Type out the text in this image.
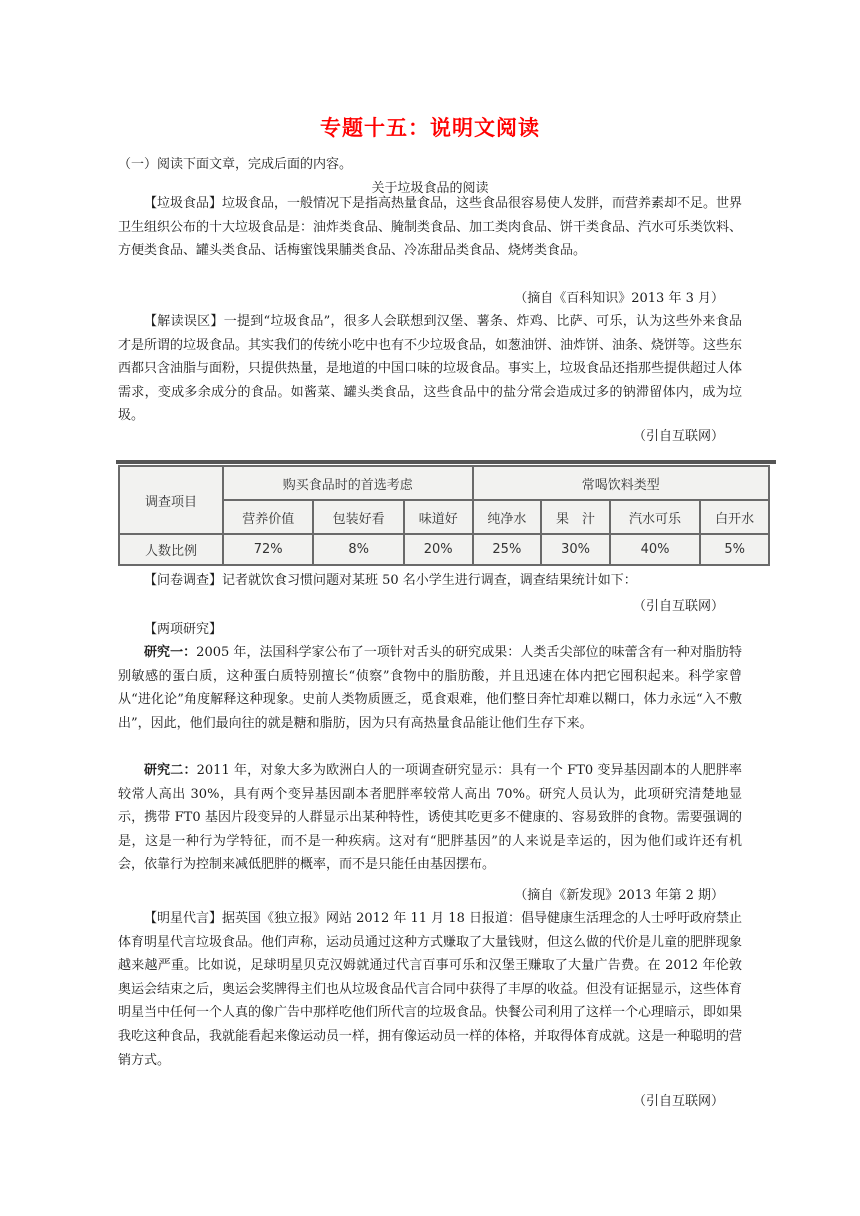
专题十五：说明文阅读
（一）阅读下面文章，完成后面的内容。
关于垃圾食品的阅读
【垃圾食品】垃圾食品，一般情况下是指高热量食品，这些食品很容易使人发胖，而营养素却不足。世界卫生组织公布的十大垃圾食品是：油炸类食品、腌制类食品、加工类肉食品、饼干类食品、汽水可乐类饮料、方便类食品、罐头类食品、话梅蜜饯果脯类食品、冷冻甜品类食品、烧烤类食品。
（摘自《百科知识》2013 年 3 月）
【解读误区】一提到“垃圾食品”，很多人会联想到汉堡、薯条、炸鸡、比萨、可乐，认为这些外来食品才是所谓的垃圾食品。其实我们的传统小吃中也有不少垃圾食品，如葱油饼、油炸饼、油条、烧饼等。这些东西都只含油脂与面粉，只提供热量，是地道的中国口味的垃圾食品。事实上，垃圾食品还指那些提供超过人体需求，变成多余成分的食品。如酱菜、罐头类食品，这些食品中的盐分常会造成过多的钠滞留体内，成为垃圾。
（引自互联网）
调查项目	购买食品时的首选考虑			常喝饮料类型			
	营养价值	包装好看	味道好	纯净水	果　汁	汽水可乐	白开水
人数比例	72%	8%	20%	25%	30%	40%	5%
【问卷调查】记者就饮食习惯问题对某班 50 名小学生进行调查，调查结果统计如下：
（引自互联网）
【两项研究】
研究一：2005 年，法国科学家公布了一项针对舌头的研究成果：人类舌尖部位的味蕾含有一种对脂肪特别敏感的蛋白质，这种蛋白质特别擅长“侦察”食物中的脂肪酸，并且迅速在体内把它囤积起来。科学家曾从“进化论”角度解释这种现象。史前人类物质匮乏，觅食艰难，他们整日奔忙却难以糊口，体力永远“入不敷出”，因此，他们最向往的就是糖和脂肪，因为只有高热量食品能让他们生存下来。
研究二：2011 年，对象大多为欧洲白人的一项调查研究显示：具有一个 FT0 变异基因副本的人肥胖率较常人高出 30%，具有两个变异基因副本者肥胖率较常人高出 70%。研究人员认为，此项研究清楚地显示，携带 FT0 基因片段变异的人群显示出某种特性，诱使其吃更多不健康的、容易致胖的食物。需要强调的是，这是一种行为学特征，而不是一种疾病。这对有“肥胖基因”的人来说是幸运的，因为他们或许还有机会，依靠行为控制来减低肥胖的概率，而不是只能任由基因摆布。
（摘自《新发现》2013 年第 2 期）
【明星代言】据英国《独立报》网站 2012 年 11 月 18 日报道：倡导健康生活理念的人士呼吁政府禁止体育明星代言垃圾食品。他们声称，运动员通过这种方式赚取了大量钱财，但这么做的代价是儿童的肥胖现象越来越严重。比如说，足球明星贝克汉姆就通过代言百事可乐和汉堡王赚取了大量广告费。在 2012 年伦敦奥运会结束之后，奥运会奖牌得主们也从垃圾食品代言合同中获得了丰厚的收益。但没有证据显示，这些体育明星当中任何一个人真的像广告中那样吃他们所代言的垃圾食品。快餐公司利用了这样一个心理暗示，即如果我吃这种食品，我就能看起来像运动员一样，拥有像运动员一样的体格，并取得体育成就。这是一种聪明的营销方式。
（引自互联网）
